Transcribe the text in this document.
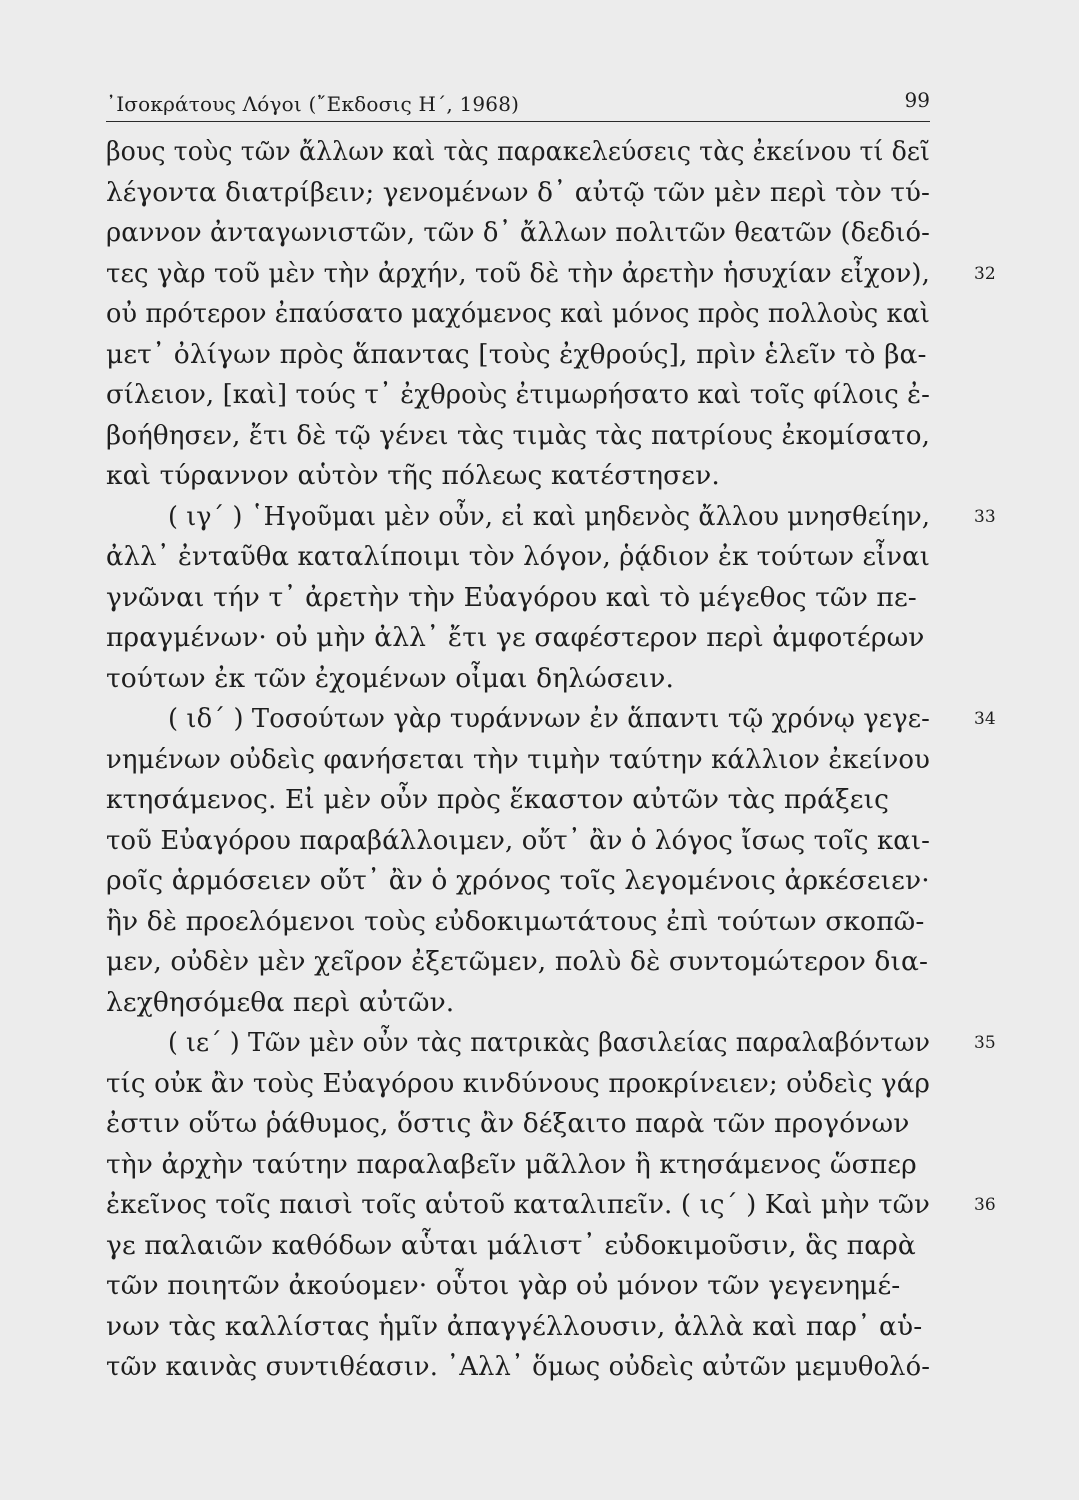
᾿Ισοκράτους Λόγοι (῎Εκδοσις Η΄, 1968)	99
βους τοὺς τῶν ἄλλων καὶ τὰς παρακελεύσεις τὰς ἐκείνου τί δεῖ
λέγοντα διατρίβειν; γενομένων δ᾿ αὐτῷ τῶν μὲν περὶ τὸν τύ-
ραννον ἀνταγωνιστῶν, τῶν δ᾿ ἄλλων πολιτῶν θεατῶν (δεδιό-
τες γὰρ τοῦ μὲν τὴν ἀρχήν, τοῦ δὲ τὴν ἀρετὴν ἡσυχίαν εἶχον),	32
οὐ πρότερον ἐπαύσατο μαχόμενος καὶ μόνος πρὸς πολλοὺς καὶ
μετ᾿ ὀλίγων πρὸς ἅπαντας [τοὺς ἐχθρούς], πρὶν ἑλεῖν τὸ βα-
σίλειον, [καὶ] τούς τ᾿ ἐχθροὺς ἐτιμωρήσατο καὶ τοῖς φίλοις ἐ-
βοήθησεν, ἔτι δὲ τῷ γένει τὰς τιμὰς τὰς πατρίους ἐκομίσατο,
καὶ τύραννον αὑτὸν τῆς πόλεως κατέστησεν.
( ιγ΄ ) ῾Ηγοῦμαι μὲν οὖν, εἰ καὶ μηδενὸς ἄλλου μνησθείην,	33
ἀλλ᾿ ἐνταῦθα καταλίποιμι τὸν λόγον, ῥᾴδιον ἐκ τούτων εἶναι
γνῶναι τήν τ᾿ ἀρετὴν τὴν Εὐαγόρου καὶ τὸ μέγεθος τῶν πε-
πραγμένων· οὐ μὴν ἀλλ᾿ ἔτι γε σαφέστερον περὶ ἀμφοτέρων
τούτων ἐκ τῶν ἐχομένων οἶμαι δηλώσειν.
( ιδ΄ ) Τοσούτων γὰρ τυράννων ἐν ἅπαντι τῷ χρόνῳ γεγε-	34
νημένων οὐδεὶς φανήσεται τὴν τιμὴν ταύτην κάλλιον ἐκείνου
κτησάμενος. Εἰ μὲν οὖν πρὸς ἕκαστον αὐτῶν τὰς πράξεις
τοῦ Εὐαγόρου παραβάλλοιμεν, οὔτ᾿ ἂν ὁ λόγος ἴσως τοῖς και-
ροῖς ἁρμόσειεν οὔτ᾿ ἂν ὁ χρόνος τοῖς λεγομένοις ἀρκέσειεν·
ἢν δὲ προελόμενοι τοὺς εὐδοκιμωτάτους ἐπὶ τούτων σκοπῶ-
μεν, οὐδὲν μὲν χεῖρον ἐξετῶμεν, πολὺ δὲ συντομώτερον δια-
λεχθησόμεθα περὶ αὐτῶν.
( ιε΄ ) Τῶν μὲν οὖν τὰς πατρικὰς βασιλείας παραλαβόντων	35
τίς οὐκ ἂν τοὺς Εὐαγόρου κινδύνους προκρίνειεν; οὐδεὶς γάρ
ἐστιν οὕτω ῥάθυμος, ὅστις ἂν δέξαιτο παρὰ τῶν προγόνων
τὴν ἀρχὴν ταύτην παραλαβεῖν μᾶλλον ἢ κτησάμενος ὥσπερ
ἐκεῖνος τοῖς παισὶ τοῖς αὑτοῦ καταλιπεῖν. ( ις΄ ) Καὶ μὴν τῶν	36
γε παλαιῶν καθόδων αὗται μάλιστ᾿ εὐδοκιμοῦσιν, ἃς παρὰ
τῶν ποιητῶν ἀκούομεν· οὗτοι γὰρ οὐ μόνον τῶν γεγενημέ-
νων τὰς καλλίστας ἡμῖν ἀπαγγέλλουσιν, ἀλλὰ καὶ παρ᾿ αὑ-
τῶν καινὰς συντιθέασιν. ᾿Αλλ᾿ ὅμως οὐδεὶς αὐτῶν μεμυθολό-
